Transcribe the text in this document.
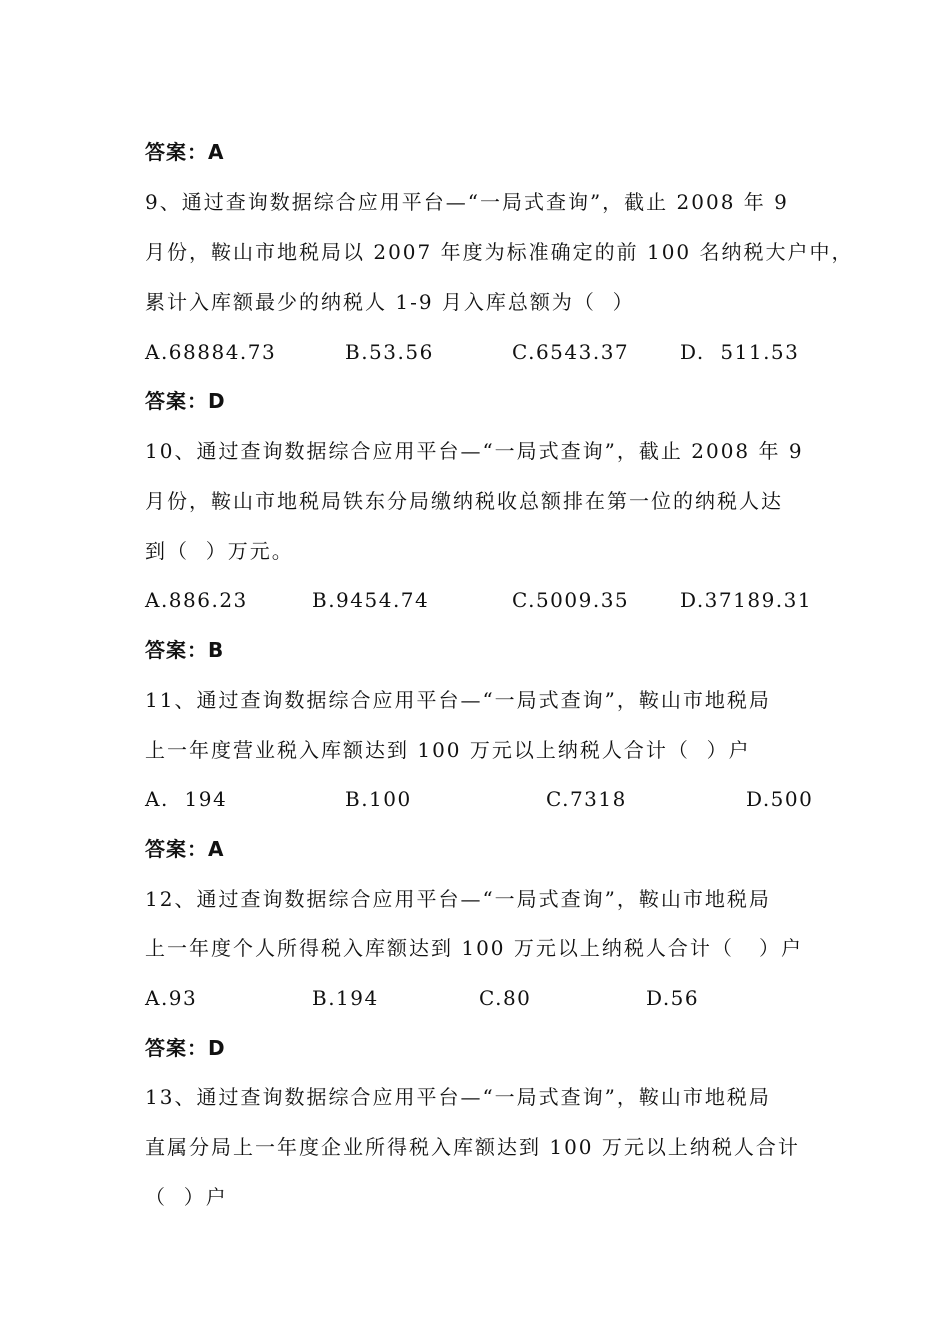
答案：A
9、通过查询数据综合应用平台—“一局式查询”，截止 2008 年 9
月份，鞍山市地税局以 2007 年度为标准确定的前 100 名纳税大户中，
累计入库额最少的纳税人 1-9 月入库总额为（  ）
A.68884.73	B.53.56	C.6543.37	D.  511.53
答案：D
10、通过查询数据综合应用平台—“一局式查询”，截止 2008 年 9
月份，鞍山市地税局铁东分局缴纳税收总额排在第一位的纳税人达
到（  ）万元。
A.886.23	B.9454.74	C.5009.35	D.37189.31
答案：B
11、通过查询数据综合应用平台—“一局式查询”，鞍山市地税局
上一年度营业税入库额达到 100 万元以上纳税人合计（  ）户
A.  194	B.100	C.7318	D.500
答案：A
12、通过查询数据综合应用平台—“一局式查询”，鞍山市地税局
上一年度个人所得税入库额达到 100 万元以上纳税人合计（   ）户
A.93	B.194	C.80	D.56
答案：D
13、通过查询数据综合应用平台—“一局式查询”，鞍山市地税局
直属分局上一年度企业所得税入库额达到 100 万元以上纳税人合计
（  ）户
